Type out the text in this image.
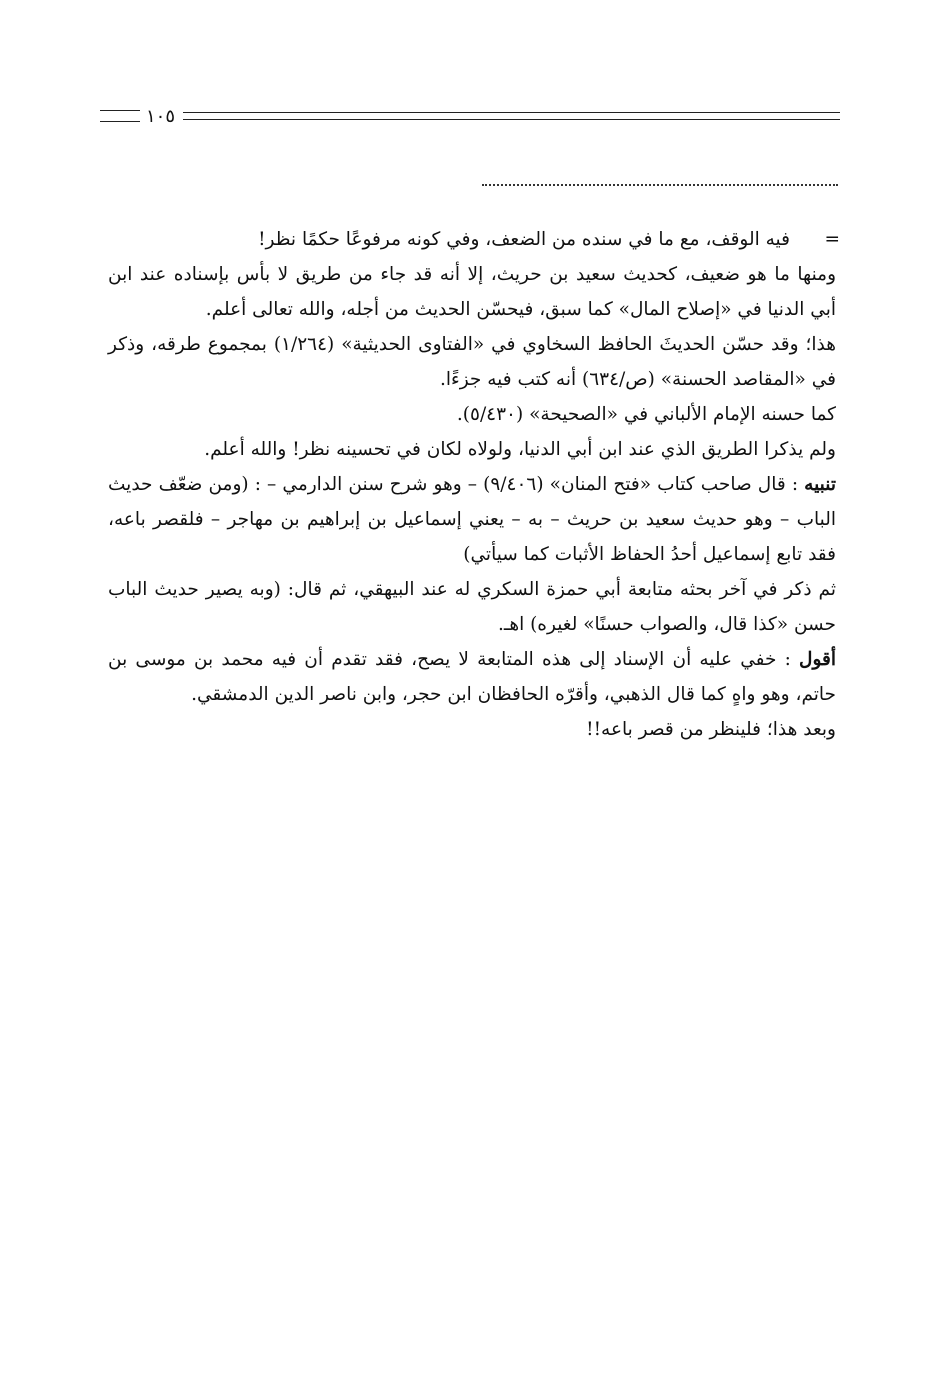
١٠٥
=

فيه الوقف، مع ما في سنده من الضعف، وفي كونه مرفوعًا حكمًا نظر!

ومنها ما هو ضعيف، كحديث سعيد بن حريث، إلا أنه قد جاء من طريق لا بأس بإسناده عند ابن أبي الدنيا في «إصلاح المال» كما سبق، فيحسّن الحديث من أجله، والله تعالى أعلم.

هذا؛ وقد حسّن الحديثَ الحافظ السخاوي في «الفتاوى الحديثية» (١/٢٦٤) بمجموع طرقه، وذكر في «المقاصد الحسنة» (ص/٦٣٤) أنه كتب فيه جزءًا.

كما حسنه الإمام الألباني في «الصحيحة» (٥/٤٣٠).

ولم يذكرا الطريق الذي عند ابن أبي الدنيا، ولولاه لكان في تحسينه نظر! والله أعلم.

تنبيه : قال صاحب كتاب «فتح المنان» (٩/٤٠٦) – وهو شرح سنن الدارمي – : (ومن ضعّف حديث الباب – وهو حديث سعيد بن حريث – به – يعني إسماعيل بن إبراهيم بن مهاجر – فلقصر باعه، فقد تابع إسماعيل أحدُ الحفاظ الأثبات كما سيأتي)

ثم ذكر في آخر بحثه متابعة أبي حمزة السكري له عند البيهقي، ثم قال: (وبه يصير حديث الباب حسن «كذا قال، والصواب حسنًا» لغيره) اهـ.

أقول : خفي عليه أن الإسناد إلى هذه المتابعة لا يصح، فقد تقدم أن فيه محمد بن موسى بن حاتم، وهو واهٍ كما قال الذهبي، وأقرّه الحافظان ابن حجر، وابن ناصر الدين الدمشقي.

وبعد هذا؛ فلينظر من قصر باعه!!
